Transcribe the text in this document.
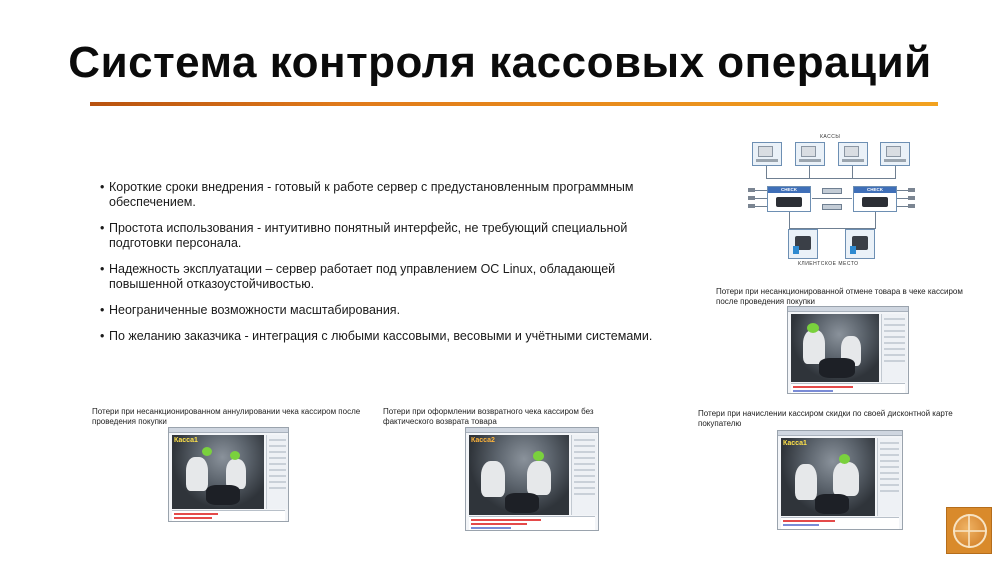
Система контроля кассовых операций
• Короткие сроки внедрения - готовый к работе сервер с предустановленным программным обеспечением.
• Простота использования - интуитивно понятный интерфейс, не требующий специальной подготовки персонала.
• Надежность эксплуатации – сервер работает под управлением ОС Linux, обладающей повышенной отказоустойчивостью.
• Неограниченные возможности масштабирования.
• По желанию заказчика - интеграция с любыми кассовыми, весовыми и учётными системами.
КАССЫ
CHECK	CHECK
КЛИЕНТСКОЕ МЕСТО
Потери при несанкционированной отмене товара в чеке кассиром после проведения покупки
Потери при несанкционированном аннулировании чека кассиром после проведения покупки
Касса1
Потери при оформлении возвратного чека кассиром без фактического возврата товара
Касса2
Потери при начислении кассиром скидки по своей дисконтной карте покупателю
Касса1
